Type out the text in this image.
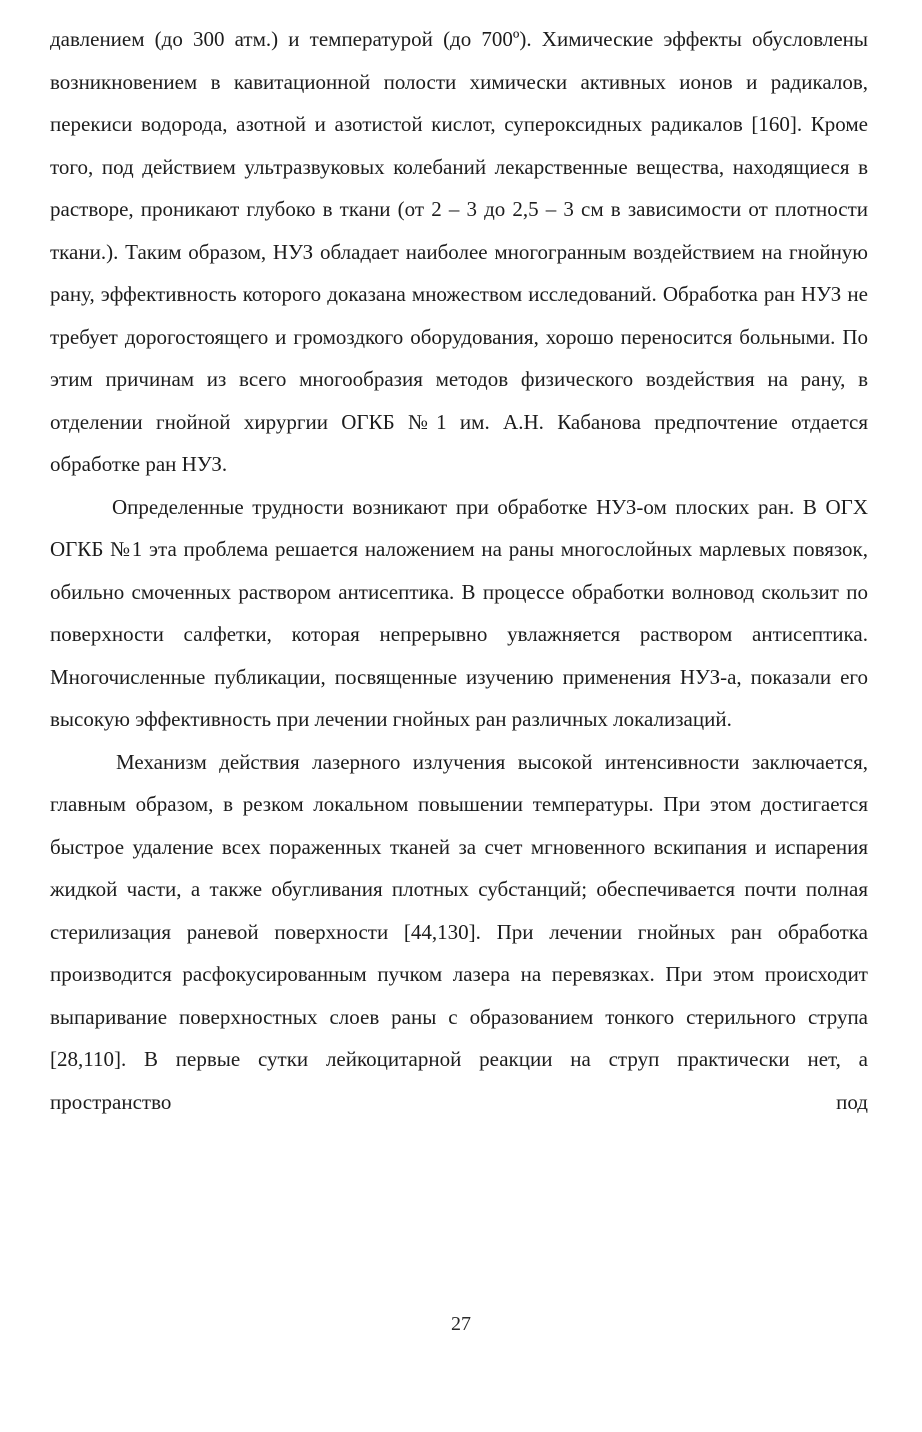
давлением (до 300 атм.) и температурой (до 700º). Химические эффекты обусловлены возникновением в кавитационной полости химически активных ионов и радикалов, перекиси водорода, азотной и азотистой кислот, супероксидных радикалов [160]. Кроме того, под действием ультразвуковых колебаний лекарственные вещества, находящиеся в растворе, проникают глубоко в ткани (от 2 – 3 до 2,5 – 3 см в зависимости от плотности ткани.). Таким образом, НУЗ обладает наиболее многогранным воздействием на гнойную рану, эффективность которого доказана множеством исследований. Обработка ран НУЗ не требует дорогостоящего и громоздкого оборудования, хорошо переносится больными. По этим причинам из всего многообразия методов физического воздействия на рану, в отделении гнойной хирургии ОГКБ №1 им. А.Н. Кабанова предпочтение отдается обработке ран НУЗ.

Определенные трудности возникают при обработке НУЗ-ом плоских ран. В ОГХ ОГКБ №1 эта проблема решается наложением на раны многослойных марлевых повязок, обильно смоченных раствором антисептика. В процессе обработки волновод скользит по поверхности салфетки, которая непрерывно увлажняется раствором антисептика. Многочисленные публикации, посвященные изучению применения НУЗ-а, показали его высокую эффективность при лечении гнойных ран различных локализаций.

Механизм действия лазерного излучения высокой интенсивности заключается, главным образом, в резком локальном повышении температуры. При этом достигается быстрое удаление всех пораженных тканей за счет мгновенного вскипания и испарения жидкой части, а также обугливания плотных субстанций; обеспечивается почти полная стерилизация раневой поверхности [44,130]. При лечении гнойных ран обработка производится расфокусированным пучком лазера на перевязках. При этом происходит выпаривание поверхностных слоев раны с образованием тонкого стерильного струпа [28,110]. В первые сутки лейкоцитарной реакции на струп практически нет, а пространство под

27
